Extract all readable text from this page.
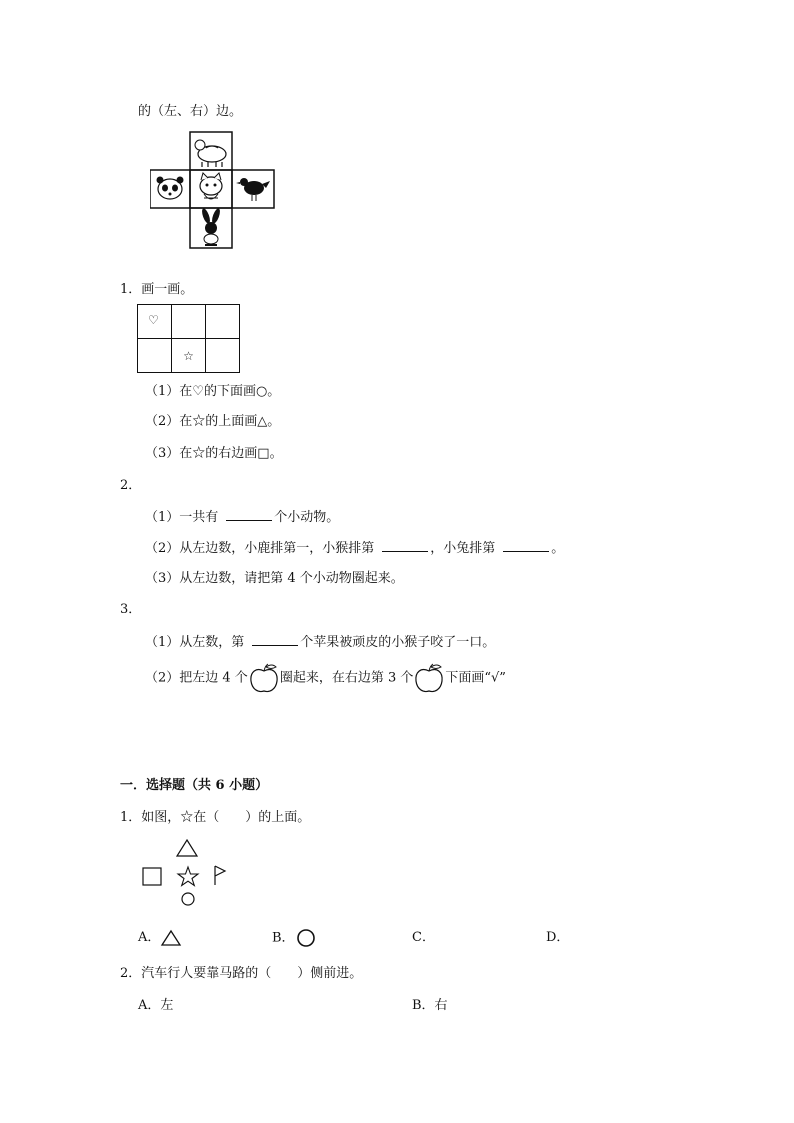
的（左、右）边。
1．画一画。
♡		
	☆	
（1）在♡的下面画○。
（2）在☆的上面画△。
（3）在☆的右边画□。
2．
（1）一共有	个小动物。
（2）从左边数，小鹿排第一，小猴排第	，小兔排第	。
（3）从左边数，请把第 4 个小动物圈起来。
3．
（1）从左数，第	个苹果被顽皮的小猴子咬了一口。
（2）把左边 4 个 圈起来，在右边第 3 个 下面画“√”
一．选择题（共 6 小题）
1．如图，☆在（　　）的上面。
A．	B．	C．	D．
2．汽车行人要靠马路的（　　）侧前进。
A．左	B．右
